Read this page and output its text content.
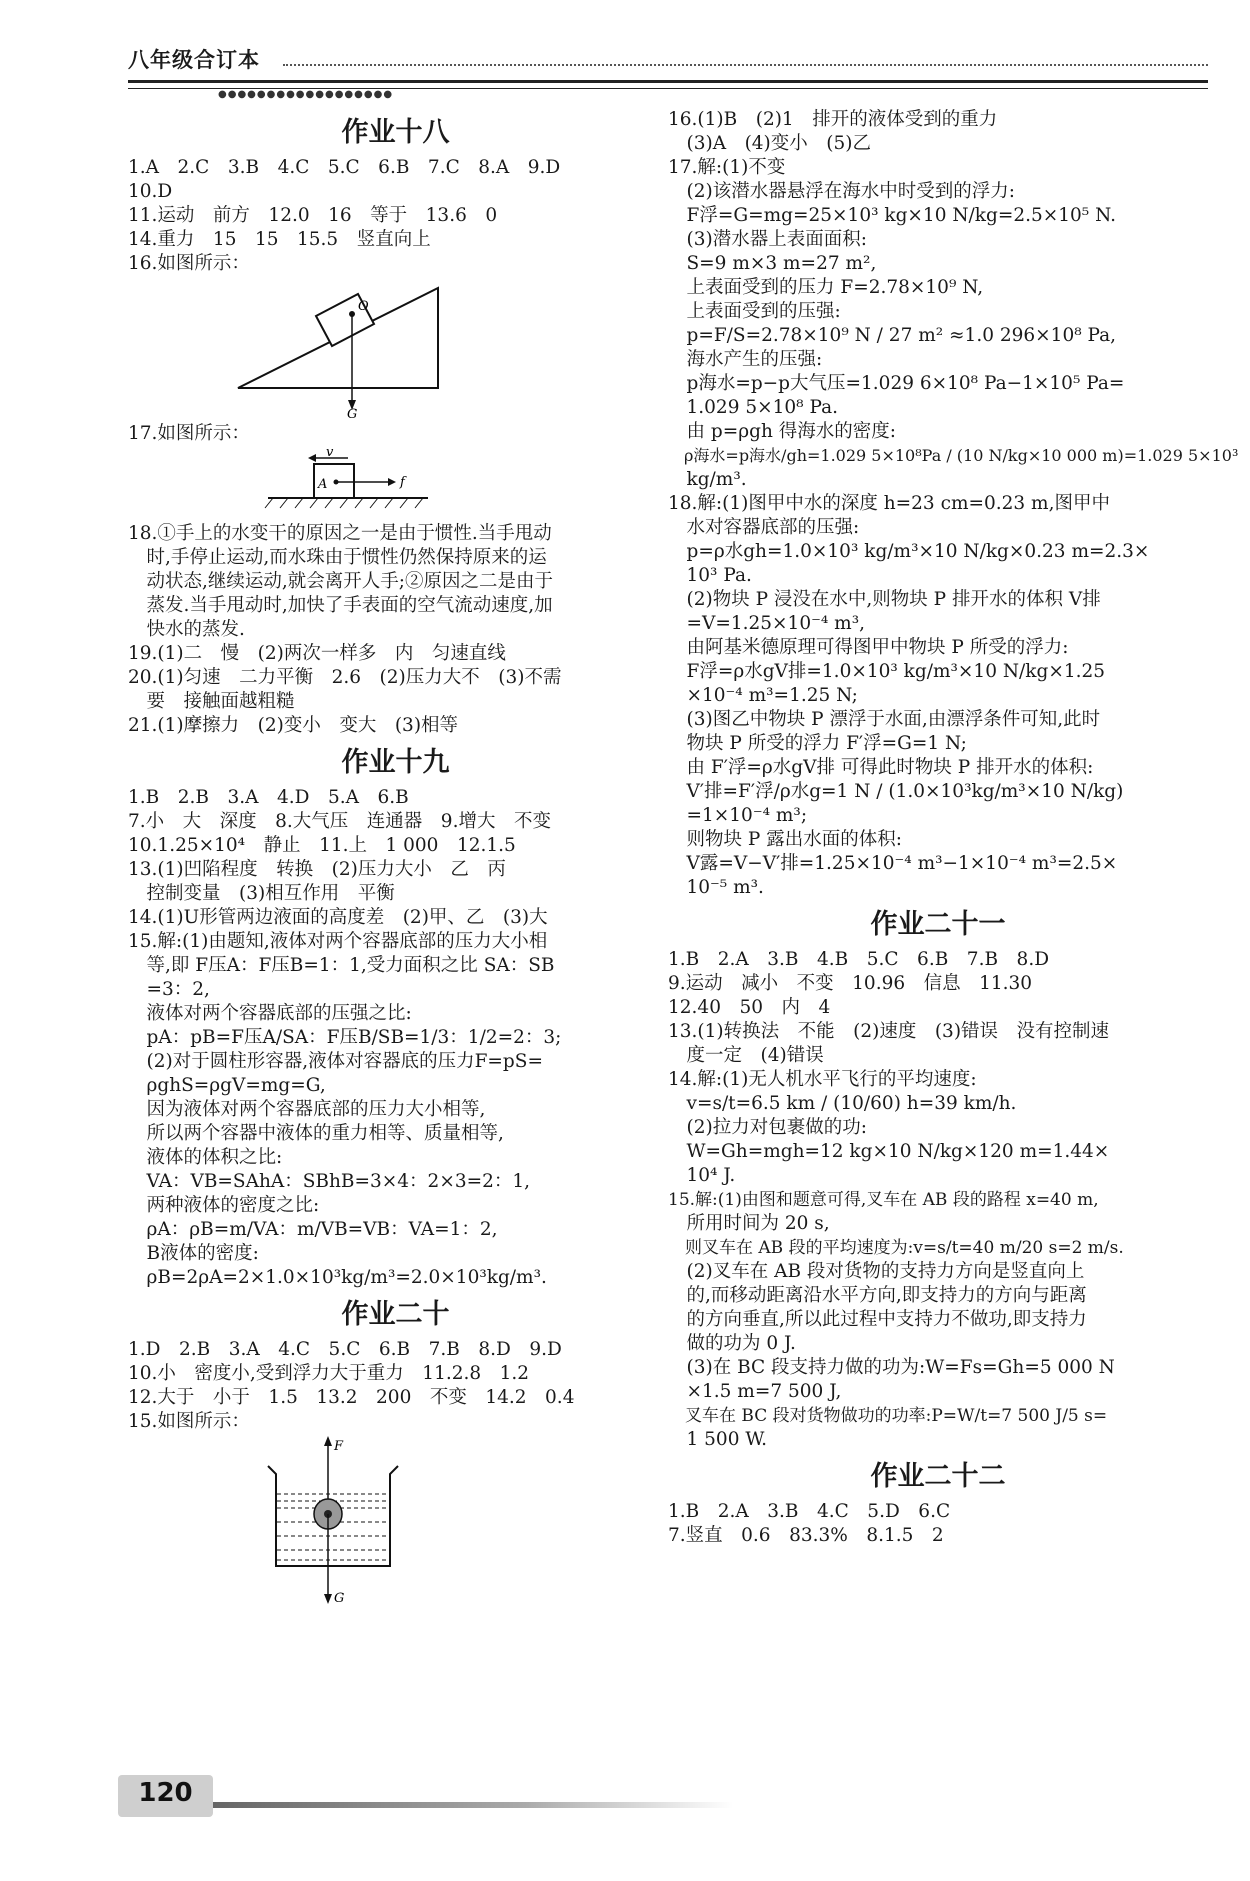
八年级合订本
●●●●●●●●●●●●●●●●●●
作业十八

1.A　2.C　3.B　4.C　5.C　6.B　7.C　8.A　9.D

10.D

11.运动　前方　12.0　16　等于　13.6　0

14.重力　15　15　15.5　竖直向上

16.如图所示：

O
G

17.如图所示：

v
A	f

18.①手上的水变干的原因之一是由于惯性.当手甩动

　时,手停止运动,而水珠由于惯性仍然保持原来的运

　动状态,继续运动,就会离开人手;②原因之二是由于

　蒸发.当手甩动时,加快了手表面的空气流动速度,加

　快水的蒸发.

19.(1)二　慢　(2)两次一样多　内　匀速直线

20.(1)匀速　二力平衡　2.6　(2)压力大不　(3)不需

　要　接触面越粗糙

21.(1)摩擦力　(2)变小　变大　(3)相等

作业十九

1.B　2.B　3.A　4.D　5.A　6.B

7.小　大　深度　8.大气压　连通器　9.增大　不变

10.1.25×10⁴　静止　11.上　1 000　12.1.5

13.(1)凹陷程度　转换　(2)压力大小　乙　丙

　控制变量　(3)相互作用　平衡

14.(1)U形管两边液面的高度差　(2)甲、乙　(3)大

15.解:(1)由题知,液体对两个容器底部的压力大小相

　等,即 F压A：F压B=1：1,受力面积之比 SA：SB

　=3：2,

　液体对两个容器底部的压强之比:

　pA：pB=F压A/SA：F压B/SB=1/3：1/2=2：3;

　(2)对于圆柱形容器,液体对容器底的压力F=pS=

　ρghS=ρgV=mg=G,

　因为液体对两个容器底部的压力大小相等,

　所以两个容器中液体的重力相等、质量相等,

　液体的体积之比:

　VA：VB=SAhA：SBhB=3×4：2×3=2：1,

　两种液体的密度之比:

　ρA：ρB=m/VA：m/VB=VB：VA=1：2,

　B液体的密度:

　ρB=2ρA=2×1.0×10³kg/m³=2.0×10³kg/m³.

作业二十

1.D　2.B　3.A　4.C　5.C　6.B　7.B　8.D　9.D

10.小　密度小,受到浮力大于重力　11.2.8　1.2

12.大于　小于　1.5　13.2　200　不变　14.2　0.4

15.如图所示：

F
G

16.(1)B　(2)1　排开的液体受到的重力

　(3)A　(4)变小　(5)乙

17.解:(1)不变

　(2)该潜水器悬浮在海水中时受到的浮力:

　F浮=G=mg=25×10³ kg×10 N/kg=2.5×10⁵ N.

　(3)潜水器上表面面积:

　S=9 m×3 m=27 m²,

　上表面受到的压力 F=2.78×10⁹ N,

　上表面受到的压强:

　p=F/S=2.78×10⁹ N / 27 m² ≈1.0 296×10⁸ Pa,

　海水产生的压强:

　p海水=p−p大气压=1.029 6×10⁸ Pa−1×10⁵ Pa=

　1.029 5×10⁸ Pa.

　由 p=ρgh 得海水的密度:

　ρ海水=p海水/gh=1.029 5×10⁸Pa / (10 N/kg×10 000 m)=1.029 5×10³

　kg/m³.

18.解:(1)图甲中水的深度 h=23 cm=0.23 m,图甲中

　水对容器底部的压强:

　p=ρ水gh=1.0×10³ kg/m³×10 N/kg×0.23 m=2.3×

　10³ Pa.

　(2)物块 P 浸没在水中,则物块 P 排开水的体积 V排

　=V=1.25×10⁻⁴ m³,

　由阿基米德原理可得图甲中物块 P 所受的浮力:

　F浮=ρ水gV排=1.0×10³ kg/m³×10 N/kg×1.25

　×10⁻⁴ m³=1.25 N;

　(3)图乙中物块 P 漂浮于水面,由漂浮条件可知,此时

　物块 P 所受的浮力 F′浮=G=1 N;

　由 F′浮=ρ水gV排 可得此时物块 P 排开水的体积:

　V′排=F′浮/ρ水g=1 N / (1.0×10³kg/m³×10 N/kg)

　=1×10⁻⁴ m³;

　则物块 P 露出水面的体积:

　V露=V−V′排=1.25×10⁻⁴ m³−1×10⁻⁴ m³=2.5×

　10⁻⁵ m³.

作业二十一

1.B　2.A　3.B　4.B　5.C　6.B　7.B　8.D

9.运动　减小　不变　10.96　信息　11.30

12.40　50　内　4

13.(1)转换法　不能　(2)速度　(3)错误　没有控制速

　度一定　(4)错误

14.解:(1)无人机水平飞行的平均速度:

　v=s/t=6.5 km / (10/60) h=39 km/h.

　(2)拉力对包裹做的功:

　W=Gh=mgh=12 kg×10 N/kg×120 m=1.44×

　10⁴ J.

15.解:(1)由图和题意可得,叉车在 AB 段的路程 x=40 m,

　所用时间为 20 s,

　则叉车在 AB 段的平均速度为:v=s/t=40 m/20 s=2 m/s.

　(2)叉车在 AB 段对货物的支持力方向是竖直向上

　的,而移动距离沿水平方向,即支持力的方向与距离

　的方向垂直,所以此过程中支持力不做功,即支持力

　做的功为 0 J.

　(3)在 BC 段支持力做的功为:W=Fs=Gh=5 000 N

　×1.5 m=7 500 J,

　叉车在 BC 段对货物做功的功率:P=W/t=7 500 J/5 s=

　1 500 W.

作业二十二

1.B　2.A　3.B　4.C　5.D　6.C

7.竖直　0.6　83.3%　8.1.5　2

120
